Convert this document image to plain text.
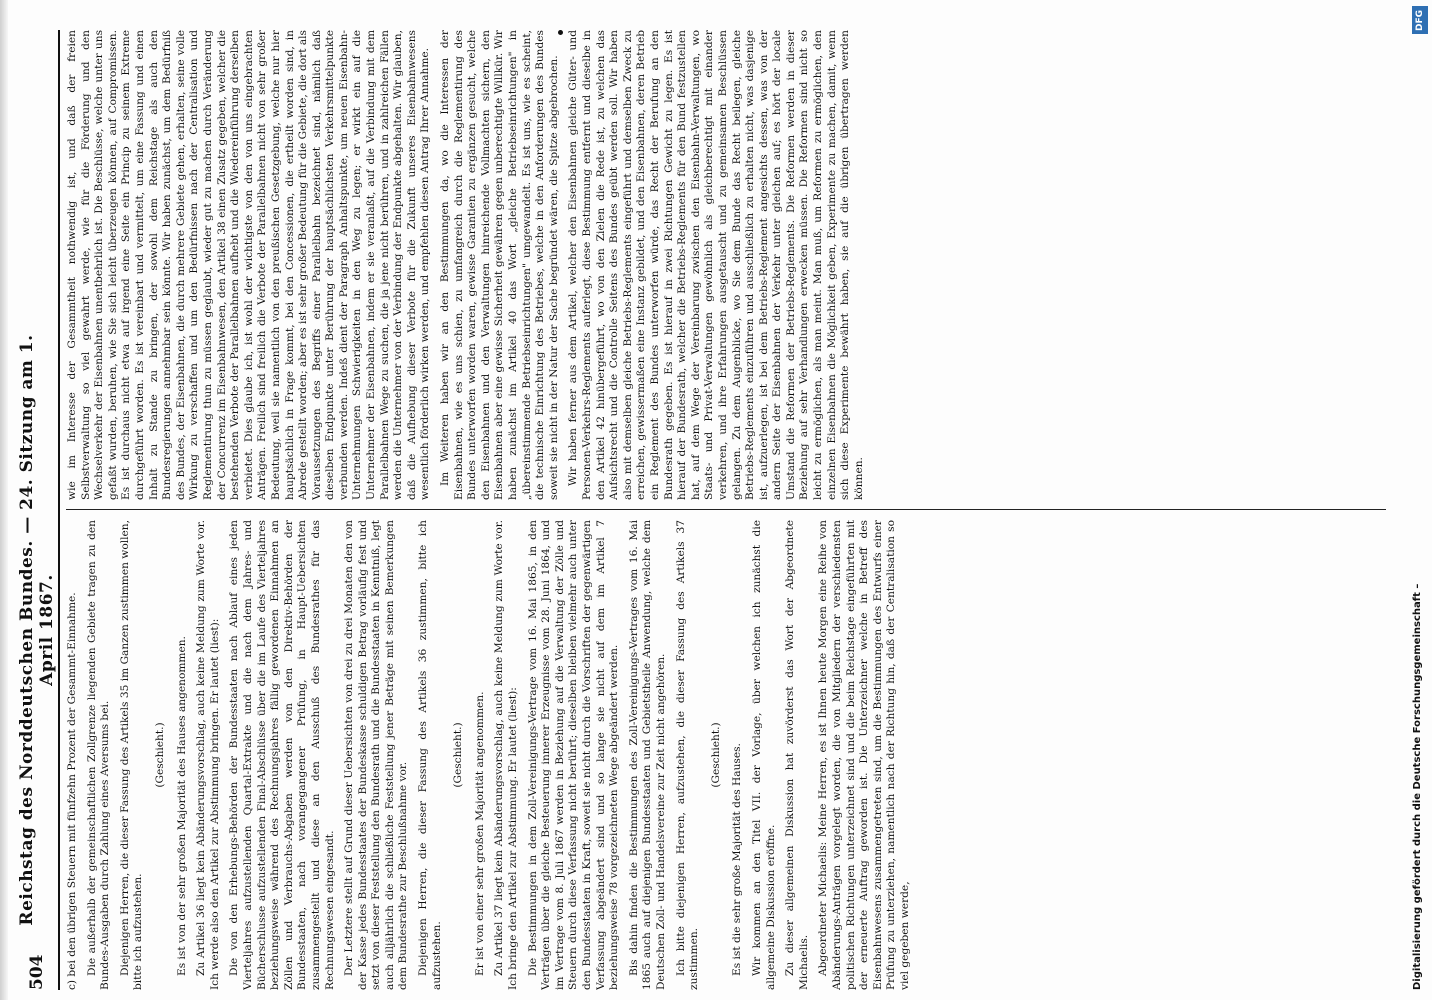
504
Reichstag des Norddeutschen Bundes. — 24. Sitzung am 1. April 1867. c) bei den übrigen Steuern mit fünfzehn Prozent der Gesammt-Einnahme. Die außerhalb der gemeinschaftlichen Zollgrenze liegenden Gebiete tragen zu den Bundes-Ausgaben durch Zahlung eines Aversums bei. Diejenigen Herren, die dieser Fassung des Artikels 35 im Ganzen zustimmen wollen, bitte ich aufzustehen.

(Geschieht.) Es ist von der sehr großen Majorität des Hauses angenommen. Zu Artikel 36 liegt kein Abänderungsvorschlag, auch keine Meldung zum Worte vor. Ich werde also den Artikel zur Abstimmung bringen. Er lautet (liest): Die von den Erhebungs-Behörden der Bundesstaaten nach Ablauf eines jeden Vierteljahres aufzustellenden Quartal-Extrakte und die nach dem Jahres- und Bücherschlusse aufzustellenden Final-Abschlüsse über die im Laufe des Vierteljahres beziehungsweise während des Rechnungsjahres fällig gewordenen Einnahmen an Zöllen und Verbrauchs-Abgaben werden von den Direktiv-Behörden der Bundesstaaten, nach vorangegangener Prüfung, in Haupt-Uebersichten zusammengestellt und diese an den Ausschuß des Bundesrathes für das Rechnungswesen eingesandt. Der Letztere stellt auf Grund dieser Uebersichten von drei zu drei Monaten den von der Kasse jedes Bundesstaates der Bundeskasse schuldigen Betrag vorläufig fest und setzt von dieser Feststellung den Bundesrath und die Bundesstaaten in Kenntniß, legt auch alljährlich die schließliche Feststellung jener Beträge mit seinen Bemerkungen dem Bundesrathe zur Beschlußnahme vor. Diejenigen Herren, die dieser Fassung des Artikels 36 zustimmen, bitte ich aufzustehen.

(Geschieht.) Er ist von einer sehr großen Majorität angenommen. Zu Artikel 37 liegt kein Abänderungsvorschlag, auch keine Meldung zum Worte vor. Ich bringe den Artikel zur Abstimmung. Er lautet (liest): Die Bestimmungen in dem Zoll-Vereinigungs-Vertrage vom 16. Mai 1865, in den Verträgen über die gleiche Besteuerung innerer Erzeugnisse vom 28. Juni 1864, und im Vertrage vom 8. Juli 1867 werden in Beziehung auf die Verwaltung der Zölle und Steuern durch diese Verfassung nicht berührt; dieselben bleiben vielmehr auch unter den Bundesstaaten in Kraft, soweit sie nicht durch die Vorschriften der gegenwärtigen Verfassung abgeändert sind und so lange sie nicht auf dem im Artikel 7 beziehungsweise 78 vorgezeichneten Wege abgeändert werden. Bis dahin finden die Bestimmungen des Zoll-Vereinigungs-Vertrages vom 16. Mai 1865 auch auf diejenigen Bundesstaaten und Gebietstheile Anwendung, welche dem Deutschen Zoll- und Handelsvereine zur Zeit nicht angehören. Ich bitte diejenigen Herren, aufzustehen, die dieser Fassung des Artikels 37 zustimmen.

(Geschieht.) Es ist die sehr große Majorität des Hauses. Wir kommen an den Titel VII. der Vorlage, über welchen ich zunächst die allgemeine Diskussion eröffne. Zu dieser allgemeinen Diskussion hat zuvörderst das Wort der Abgeordnete Michaelis. Abgeordneter Michaelis: Meine Herren, es ist Ihnen heute Morgen eine Reihe von Abänderungs-Anträgen vorgelegt worden, die von Mitgliedern der verschiedensten politischen Richtungen unterzeichnet sind und die beim Reichstage eingeführten mit der erneuerte Auftrag geworden ist. Die Unterzeichner welche in Betreff des Eisenbahnwesens zusammengetreten sind, um die Bestimmungen des Entwurfs einer Prüfung zu unterziehen, namentlich nach der Richtung hin, daß der Centralisation so viel gegeben werde,

wie im Interesse der Gesammtheit nothwendig ist, und daß der freien Selbstverwaltung so viel gewahrt werde, wie für die Förderung und den Wechselverkehr der Eisenbahnen unentbehrlich ist. Die Beschlüsse, welche unter uns gefaßt wurden, beruhen, wie Sie sich leicht überzeugen können, auf Compromissen. Es ist durchaus nicht etwa auf irgend eine Seite ein Princip zu seinem Extreme durchgeführt worden. Es ist vereinbart und vermittelt, um eine Fassung und einen Inhalt zu Stande zu bringen, der sowohl dem Reichstage als auch den Bundesregierungen annehmbar sein könnte. Wir haben zunächst, um dem Bedürfniß des Bundes, der Eisenbahnen, die durch mehrere Gebiete gehen, erhalten, seine volle Wirkung zu verschaffen und um den Bedürfnissen nach der Centralisation und Reglementirung thun zu müssen geglaubt, wieder gut zu machen durch Veränderung der Concurrenz im Eisenbahnwesen, den Artikel 38 einen Zusatz gegeben, welcher die bestehenden Verbote der Parallelbahnen aufhebt und die Wiedereinführung derselben verbietet. Dies glaube ich, ist wohl der wichtigste von den von uns eingebrachten Anträgen. Freilich sind freilich die Verbote der Parallelbahnen nicht von sehr großer Bedeutung, weil sie namentlich von den preußischen Gesetzgebung, welche nur hier hauptsächlich in Frage kommt, bei den Concessionen, die ertheilt worden sind, in Abrede gestellt worden; aber es ist sehr großer Bedeutung für die Gebiete, die dort als Voraussetzungen des Begriffs einer Parallelbahn bezeichnet sind, nämlich daß dieselben Endpunkte unter Berührung der hauptsächlichsten Verkehrsmittelpunkte verbunden werden. Indeß dient der Paragraph Anhaltspunkte, um neuen Eisenbahn-Unternehmungen Schwierigkeiten in den Weg zu legen; er wirkt ein auf die Unternehmer der Eisenbahnen, indem er sie veranlaßt, auf die Verbindung mit dem Parallelbahnen Wege zu suchen, die ja jene nicht berühren, und in zahlreichen Fällen werden die Unternehmer von der Verbindung der Endpunkte abgehalten. Wir glauben, daß die Aufhebung dieser Verbote für die Zukunft unseres Eisenbahnwesens wesentlich förderlich wirken werden, und empfehlen diesen Antrag Ihrer Annahme. Im Weiteren haben wir an den Bestimmungen da, wo die Interessen der Eisenbahnen, wie es uns schien, zu umfangreich durch die Reglementirung des Bundes unterworfen worden waren, gewisse Garantien zu ergänzen gesucht, welche den Eisenbahnen und den Verwaltungen hinreichende Vollmachten sichern, den Eisenbahnen aber eine gewisse Sicherheit gewähren gegen unberechtigte Willkür. Wir haben zunächst im Artikel 40 das Wort „gleiche Betriebseinrichtungen" in „übereinstimmende Betriebseinrichtungen" umgewandelt. Es ist uns, wie es scheint, die technische Einrichtung des Betriebes, welche in den Anforderungen des Bundes soweit sie nicht in der Natur der Sache begründet wären, die Spitze abgebrochen. Wir haben ferner aus dem Artikel, welcher den Eisenbahnen gleiche Güter- und Personen-Verkehrs-Reglements auferlegt, diese Bestimmung entfernt und dieselbe in den Artikel 42 hinübergeführt, wo von den Zielen die Rede ist, zu welchen das Aufsichtsrecht und die Controlle Seitens des Bundes geübt werden soll. Wir haben also mit demselben gleiche Betriebs-Reglements eingeführt und demselben Zweck zu erreichen, gewissermaßen eine Instanz gebildet, und den Eisenbahnen, deren Betrieb ein Reglement des Bundes unterworfen würde, das Recht der Berufung an den Bundesrath gegeben. Es ist hierauf in zwei Richtungen Gewicht zu legen. Es ist hierauf der Bundesrath, welcher die Betriebs-Reglements für den Bund festzustellen hat, auf dem Wege der Vereinbarung zwischen den Eisenbahn-Verwaltungen, wo Staats- und Privat-Verwaltungen gewöhnlich als gleichberechtigt mit einander verkehren, und ihre Erfahrungen ausgetauscht und zu gemeinsamen Beschlüssen gelangen. Zu dem Augenblicke, wo Sie dem Bunde das Recht beilegen, gleiche Betriebs-Reglements einzuführen und ausschließlich zu erhalten nicht, was dasjenige ist, aufzuerlegen, ist bei dem Betriebs-Reglement angesichts dessen, was von der andern Seite der Eisenbahnen der Verkehr unter gleichen auf; es hört der locale Umstand die Reformen der Betriebs-Reglements. Die Reformen werden in dieser Beziehung auf sehr Verhandlungen erwecken müssen. Die Reformen sind nicht so leicht zu ermöglichen, als man meint. Man muß, um Reformen zu ermöglichen, den einzelnen Eisenbahnen die Möglichkeit geben, Experimente zu machen, damit, wenn sich diese Experimente bewährt haben, sie auf die übrigen übertragen werden können.

DFG
Digitalisierung gefördert durch die Deutsche Forschungsgemeinschaft –
